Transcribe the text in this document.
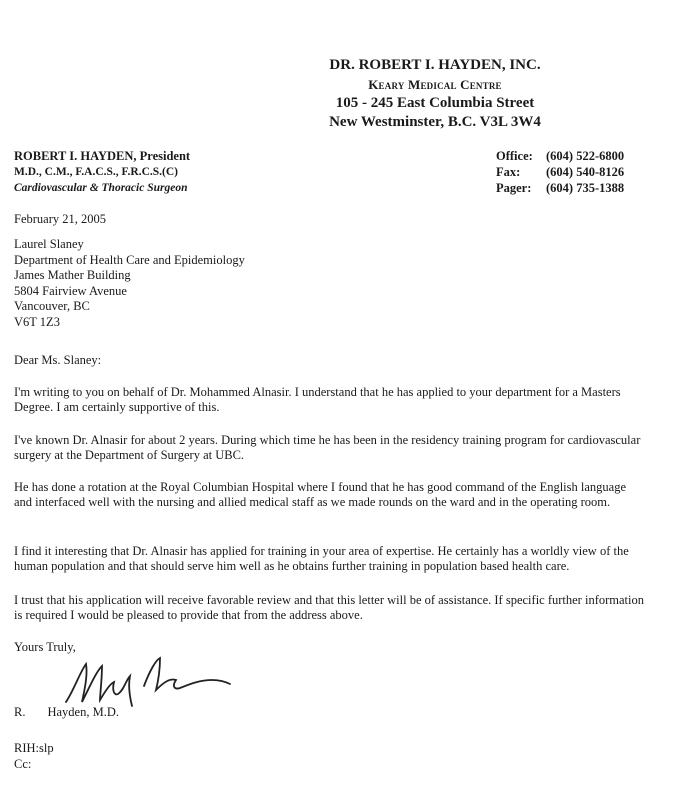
DR. ROBERT I. HAYDEN, INC.
Keary Medical Centre
105 - 245 East Columbia Street
New Westminster, B.C. V3L 3W4
ROBERT I. HAYDEN, President
M.D., C.M., F.A.C.S., F.R.C.S.(C)
Cardiovascular & Thoracic Surgeon
Office:	(604) 522-6800
Fax:	(604) 540-8126
Pager:	(604) 735-1388
February 21, 2005
Laurel Slaney
Department of Health Care and Epidemiology
James Mather Building
5804 Fairview Avenue
Vancouver, BC
V6T 1Z3
Dear Ms. Slaney:
I'm writing to you on behalf of Dr. Mohammed Alnasir. I understand that he has applied to your department for a Masters Degree. I am certainly supportive of this.
I've known Dr. Alnasir for about 2 years. During which time he has been in the residency training program for cardiovascular surgery at the Department of Surgery at UBC.
He has done a rotation at the Royal Columbian Hospital where I found that he has good command of the English language and interfaced well with the nursing and allied medical staff as we made rounds on the ward and in the operating room.
I find it interesting that Dr. Alnasir has applied for training in your area of expertise. He certainly has a worldly view of the human population and that should serve him well as he obtains further training in population based health care.
I trust that his application will receive favorable review and that this letter will be of assistance. If specific further information is required I would be pleased to provide that from the address above.
Yours Truly,
R. Hayden, M.D.
RIH:slp
Cc:
